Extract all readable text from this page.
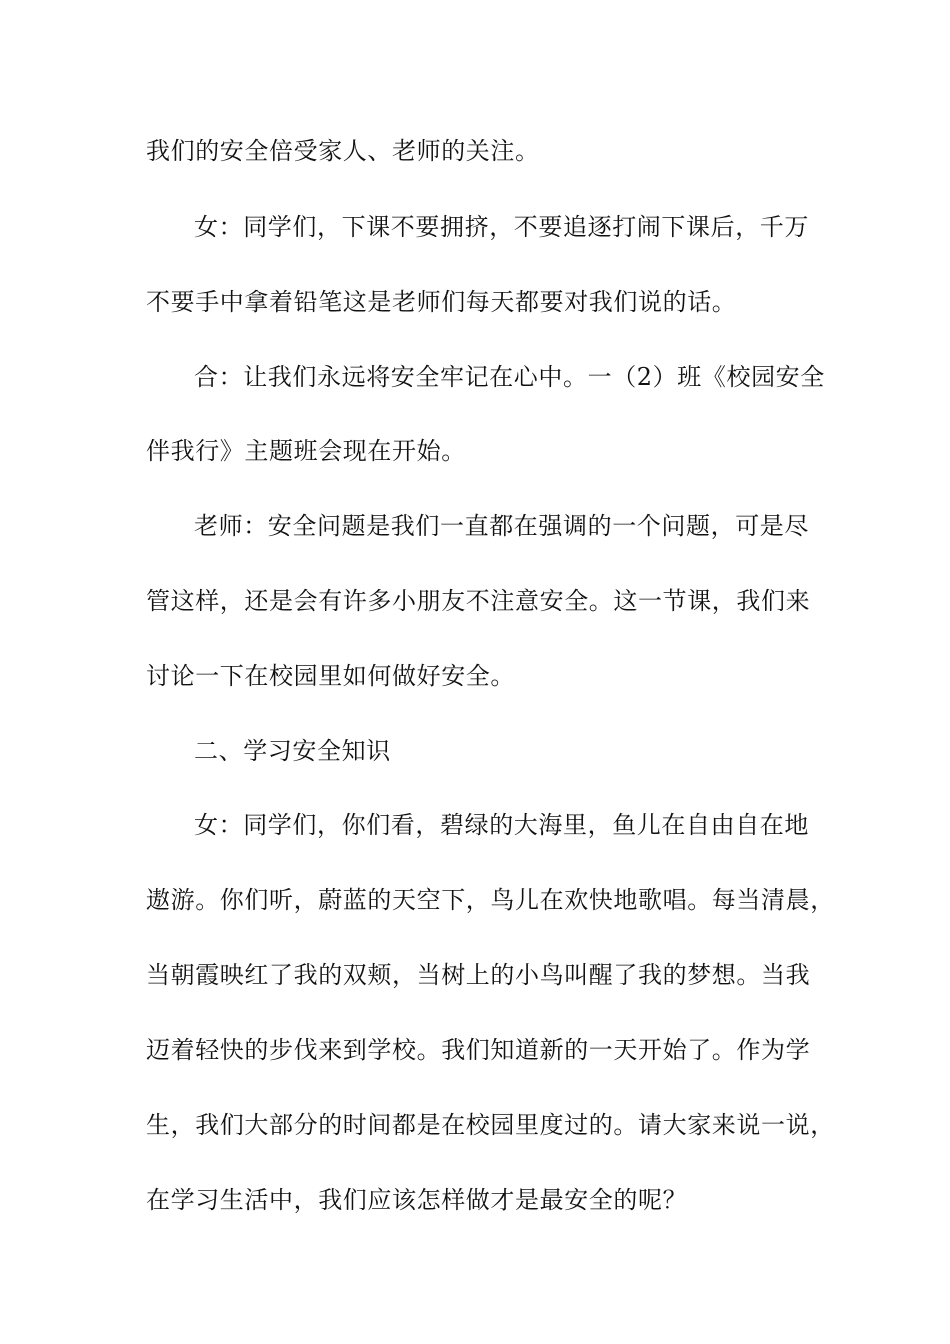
我们的安全倍受家人、老师的关注。
女：同学们，下课不要拥挤，不要追逐打闹下课后，千万
不要手中拿着铅笔这是老师们每天都要对我们说的话。
合：让我们永远将安全牢记在心中。一（2）班《校园安全
伴我行》主题班会现在开始。
老师：安全问题是我们一直都在强调的一个问题，可是尽
管这样，还是会有许多小朋友不注意安全。这一节课，我们来
讨论一下在校园里如何做好安全。
二、学习安全知识
女：同学们，你们看，碧绿的大海里，鱼儿在自由自在地
遨游。你们听，蔚蓝的天空下，鸟儿在欢快地歌唱。每当清晨，
当朝霞映红了我的双颊，当树上的小鸟叫醒了我的梦想。当我
迈着轻快的步伐来到学校。我们知道新的一天开始了。作为学
生，我们大部分的时间都是在校园里度过的。请大家来说一说，
在学习生活中，我们应该怎样做才是最安全的呢？
